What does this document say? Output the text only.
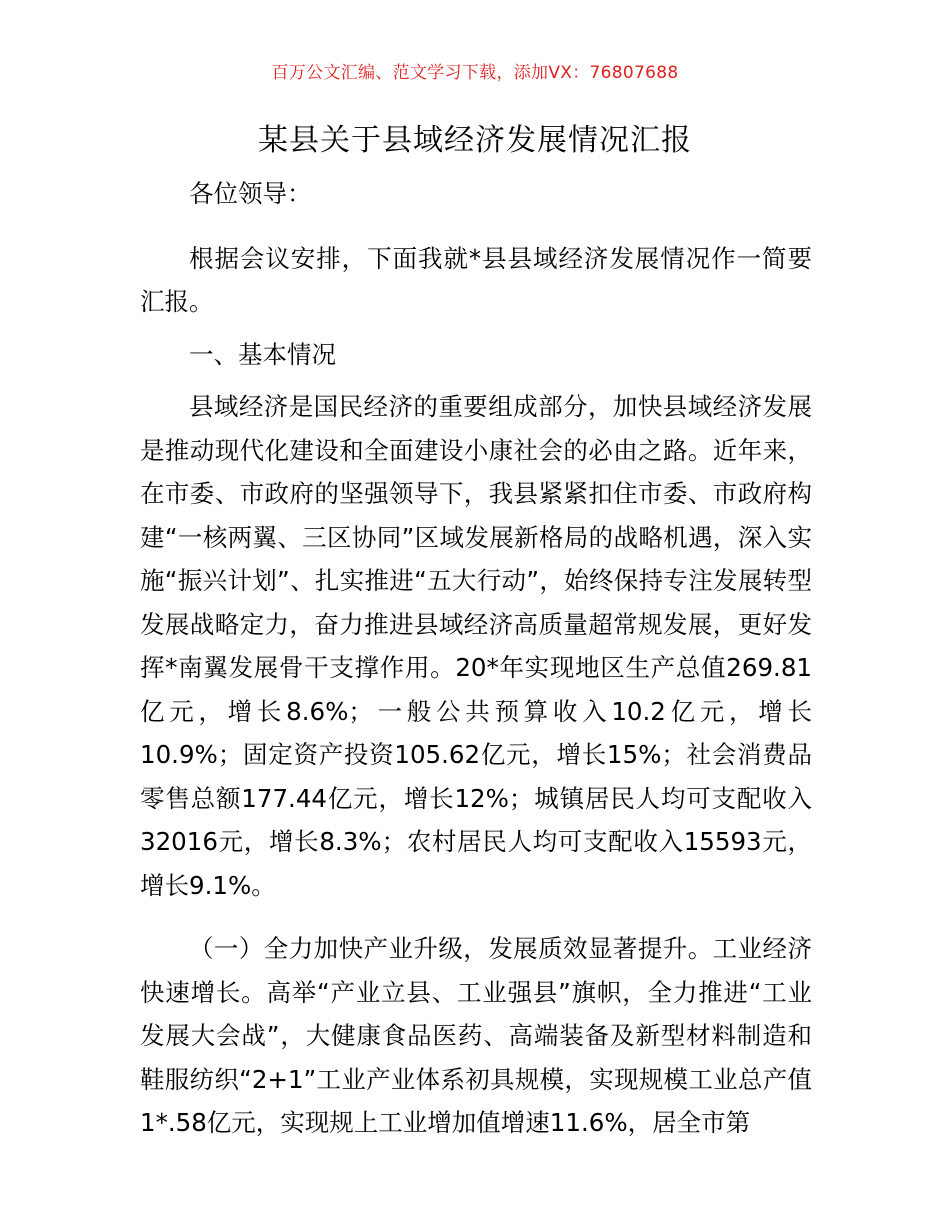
百万公文汇编、范文学习下载，添加VX：76807688
某县关于县域经济发展情况汇报

各位领导：

根据会议安排，下面我就*县县域经济发展情况作一简要汇报。

一、基本情况

县域经济是国民经济的重要组成部分，加快县域经济发展是推动现代化建设和全面建设小康社会的必由之路。近年来，在市委、市政府的坚强领导下，我县紧紧扣住市委、市政府构建“一核两翼、三区协同”区域发展新格局的战略机遇，深入实施“振兴计划”、扎实推进“五大行动”，始终保持专注发展转型发展战略定力，奋力推进县域经济高质量超常规发展，更好发挥*南翼发展骨干支撑作用。20*年实现地区生产总值269.81亿元，增长8.6%；一般公共预算收入10.2亿元，增长10.9%；固定资产投资105.62亿元，增长15%；社会消费品零售总额177.44亿元，增长12%；城镇居民人均可支配收入32016元，增长8.3%；农村居民人均可支配收入15593元，增长9.1%。

（一）全力加快产业升级，发展质效显著提升。工业经济快速增长。高举“产业立县、工业强县”旗帜，全力推进“工业发展大会战”，大健康食品医药、高端装备及新型材料制造和鞋服纺织“2+1”工业产业体系初具规模，实现规模工业总产值1*.58亿元，实现规上工业增加值增速11.6%，居全市第
